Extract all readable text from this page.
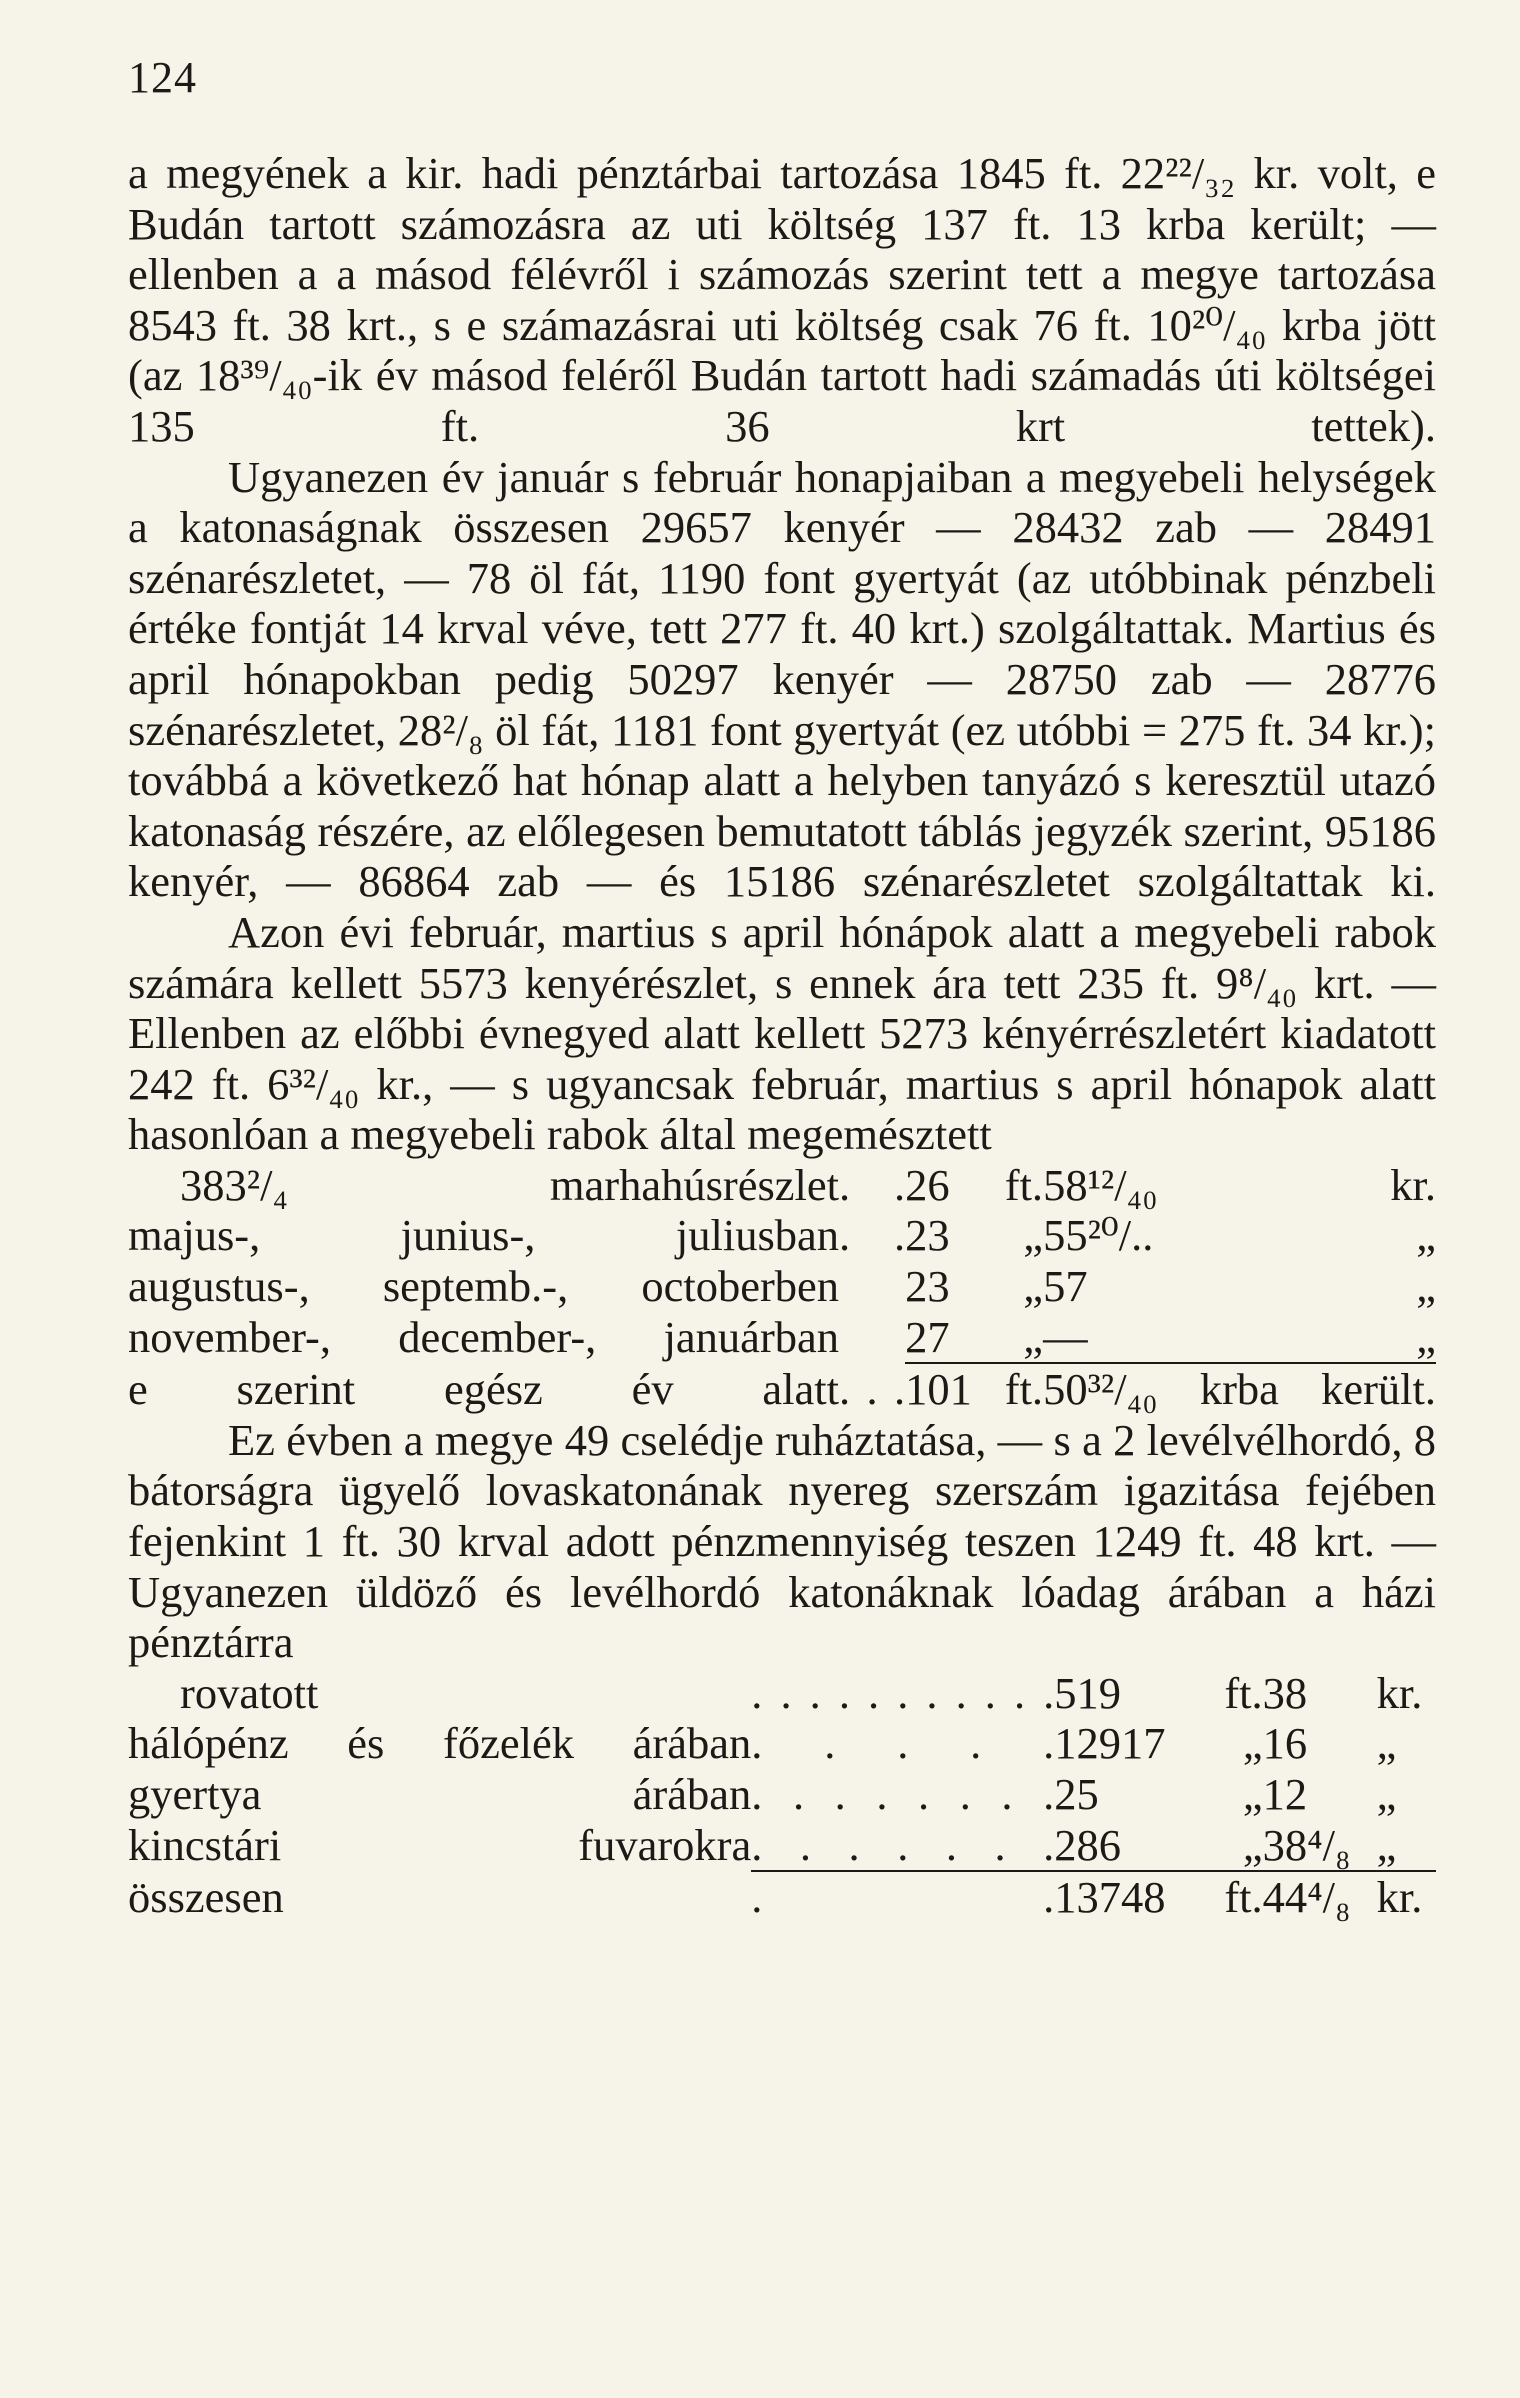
124

a megyének a kir. hadi pénztárbai tartozása 1845 ft. 22²²/₃₂ kr. volt, e Budán tartott számozásra az uti költség 137 ft. 13 krba került; — ellenben a a másod félévről i számozás szerint tett a megye tartozása 8543 ft. 38 krt., s e számazásrai uti költség csak 76 ft. 10²⁰/₄₀ krba jött (az 18³⁹/₄₀-ik év másod feléről Budán tartott hadi számadás úti költségei 135 ft. 36 krt tettek).

Ugyanezen év január s február honapjaiban a megyebeli helységek a katonaságnak összesen 29657 kenyér — 28432 zab — 28491 szénarészletet, — 78 öl fát, 1190 font gyertyát (az utóbbinak pénzbeli értéke fontját 14 krval véve, tett 277 ft. 40 krt.) szolgáltattak. Martius és april hónapokban pedig 50297 kenyér — 28750 zab — 28776 szénarészletet, 28²/₈ öl fát, 1181 font gyertyát (ez utóbbi = 275 ft. 34 kr.); továbbá a következő hat hónap alatt a helyben tanyázó s keresztül utazó katonaság részére, az előlegesen bemutatott táblás jegyzék szerint, 95186 kenyér, — 86864 zab — és 15186 szénarészletet szolgáltattak ki.

Azon évi február, martius s april hónápok alatt a megyebeli rabok számára kellett 5573 kenyérészlet, s ennek ára tett 235 ft. 9⁸/₄₀ krt. — Ellenben az előbbi évnegyed alatt kellett 5273 kényérrészletért kiadatott 242 ft. 6³²/₄₀ kr., — s ugyancsak február, martius s april hónapok alatt hasonlóan a megyebeli rabok által megemésztett

383²/₄ marhahúsrészlet	. .	26 ft.	58¹²/₄₀ kr.
majus-, junius-, juliusban	. .	23 „	55²⁰/.. „
augustus-, septemb.-, octoberben		23 „	57 „
november-, december-, januárban		27 „	— „
e szerint egész év alatt	. . .	101 ft.	50³²/₄₀ krba került.

Ez évben a megye 49 cselédje ruháztatása, — s a 2 levélvélhordó, 8 bátorságra ügyelő lovaskatonának nyereg szerszám igazitása fejében fejenkint 1 ft. 30 krval adott pénzmennyiség teszen 1249 ft. 48 krt. — Ugyanezen üldöző és levélhordó katonáknak lóadag árában a házi pénztárra

rovatott	. . . . . . . . . . .	519 ft.	38	kr.
hálópénz és főzelék árában	. . . . .	12917 „	16	„
gyertya árában	. . . . . . . .	25 „	12	„
kincstári fuvarokra	. . . . . . .	286 „	38⁴/₈	„
összesen	. .	13748 ft.	44⁴/₈	kr.
